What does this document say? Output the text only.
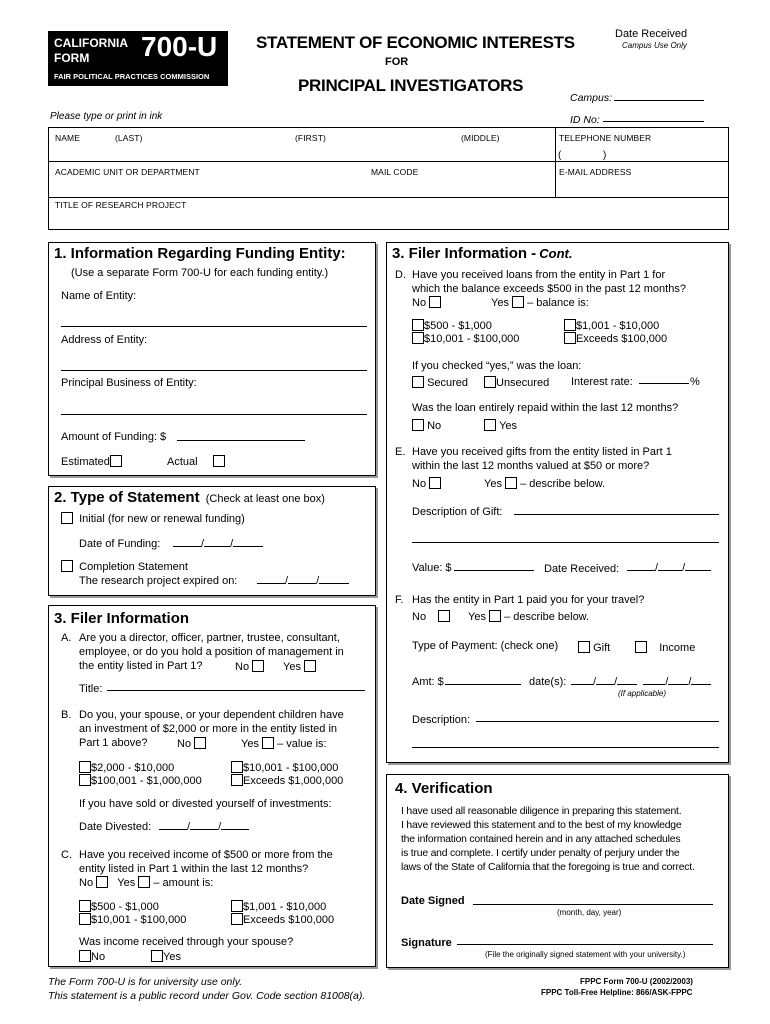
CALIFORNIA
FORM 700-U
FAIR POLITICAL PRACTICES COMMISSION
STATEMENT OF ECONOMIC INTERESTS
FOR
PRINCIPAL INVESTIGATORS
Date Received
Campus Use Only
Campus:
ID No:
Please type or print in ink
NAME	(LAST)	(FIRST)	(MIDDLE)	TELEPHONE NUMBER
(	)
ACADEMIC UNIT OR DEPARTMENT	MAIL CODE	E-MAIL ADDRESS
TITLE OF RESEARCH PROJECT
1. Information Regarding Funding Entity:
(Use a separate Form 700-U for each funding entity.)
Name of Entity:
Address of Entity:
Principal Business of Entity:
Amount of Funding: $
Estimated	Actual
2. Type of Statement (Check at least one box)
Initial (for new or renewal funding)
Date of Funding:	/ /
Completion Statement
The research project expired on:	/	/
3. Filer Information
A. Are you a director, officer, partner, trustee, consultant,
employee, or do you hold a position of management in
the entity listed in Part 1?	No	Yes
Title:
B. Do you, your spouse, or your dependent children have
an investment of $2,000 or more in the entity listed in
Part 1 above?	No	Yes – value is:
$2,000 - $10,000	$10,001 - $100,000
$100,001 - $1,000,000	Exceeds $1,000,000
If you have sold or divested yourself of investments:
Date Divested:	/	/
C. Have you received income of $500 or more from the
entity listed in Part 1 within the last 12 months?
No Yes – amount is:
$500 - $1,000	$1,001 - $10,000
$10,001 - $100,000	Exceeds $100,000
Was income received through your spouse?
No	Yes
3. Filer Information - Cont.
D. Have you received loans from the entity in Part 1 for
which the balance exceeds $500 in the past 12 months?
No	Yes – balance is:
$500 - $1,000	$1,001 - $10,000
$10,001 - $100,000	Exceeds $100,000
If you checked “yes,” was the loan:
Secured	Unsecured Interest rate:	%
Was the loan entirely repaid within the last 12 months?
No	Yes
E. Have you received gifts from the entity listed in Part 1
within the last 12 months valued at $50 or more?
No	Yes – describe below.
Description of Gift:
Value: $	Date Received:	/ /
F. Has the entity in Part 1 paid you for your travel?
No	Yes – describe below.
Type of Payment: (check one)	Gift	Income
Amt: $	date(s):	/ /	/ /
(If applicable)
Description:
4. Verification
I have used all reasonable diligence in preparing this statement.
I have reviewed this statement and to the best of my knowledge
the information contained herein and in any attached schedules
is true and complete. I certify under penalty of perjury under the
laws of the State of California that the foregoing is true and correct.
Date Signed
(month, day, year)
Signature
(File the originally signed statement with your university.)
The Form 700-U is for university use only.
This statement is a public record under Gov. Code section 81008(a).
FPPC Form 700-U (2002/2003)
FPPC Toll-Free Helpline: 866/ASK-FPPC
